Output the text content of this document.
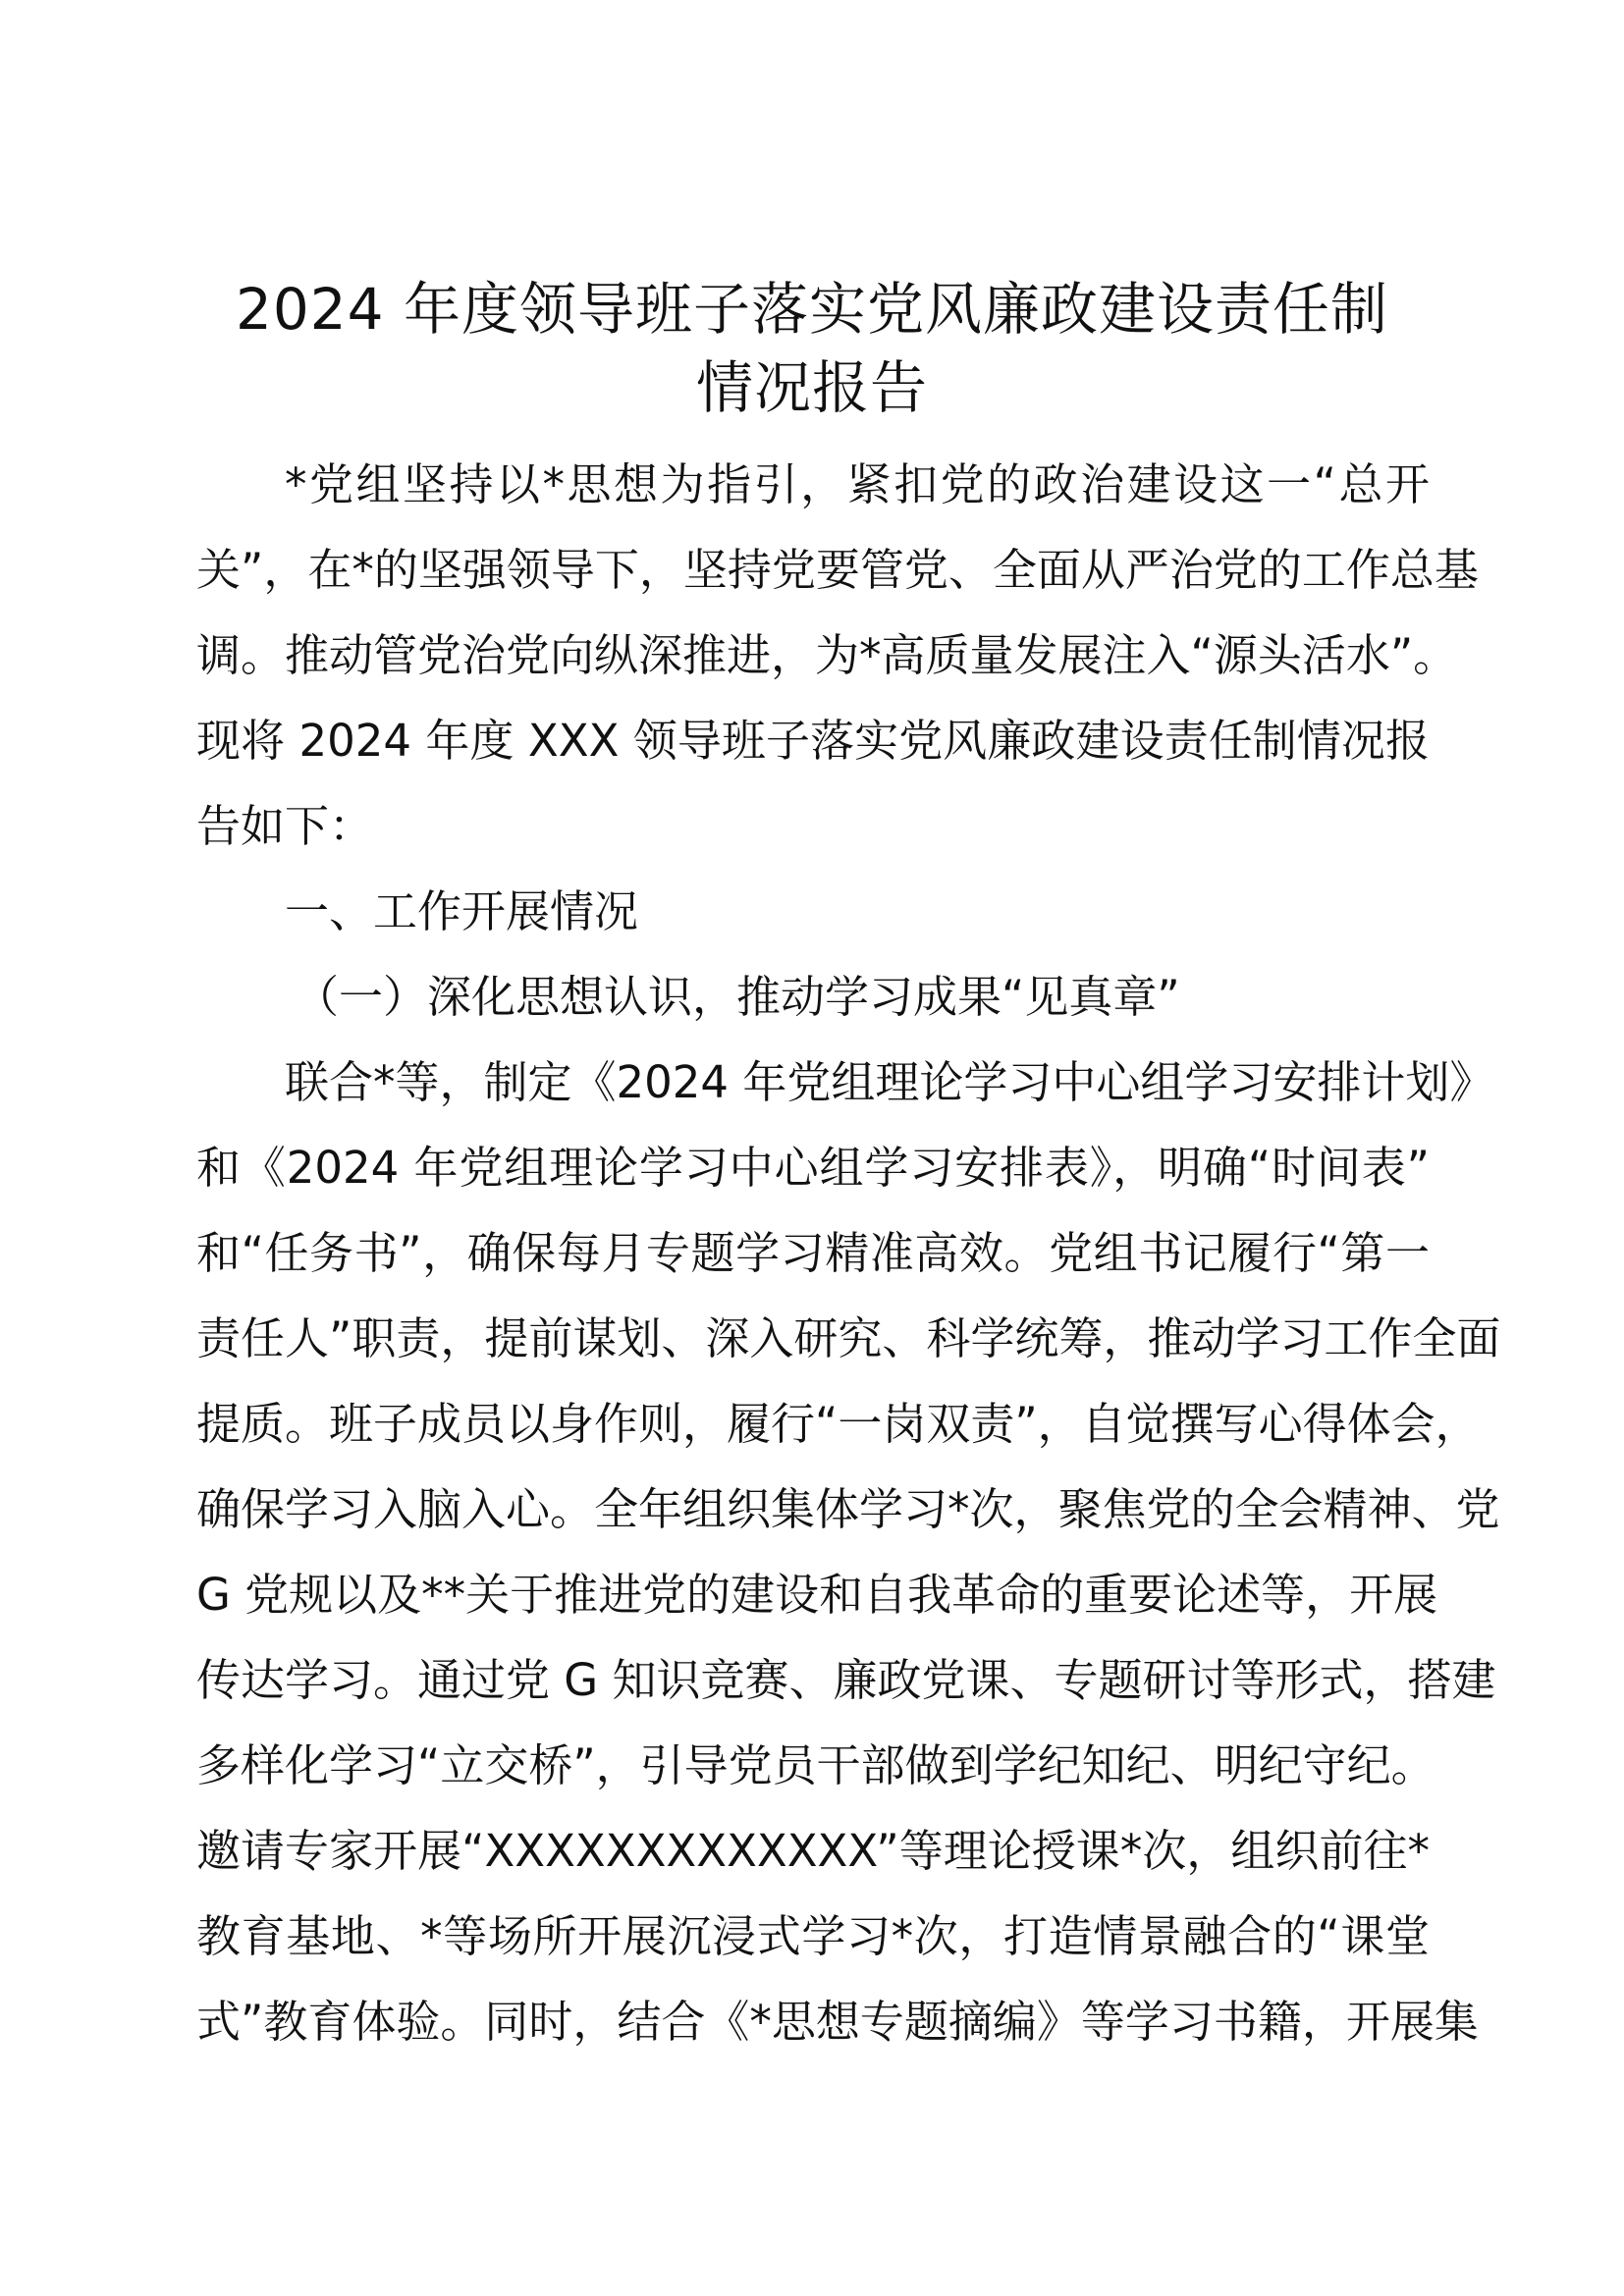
2024 年度领导班子落实党风廉政建设责任制
情况报告
*党组坚持以*思想为指引，紧扣党的政治建设这一“总开
关”，在*的坚强领导下，坚持党要管党、全面从严治党的工作总基
调。推动管党治党向纵深推进，为*高质量发展注入“源头活水”。
现将 2024 年度 XXX 领导班子落实党风廉政建设责任制情况报
告如下：
一、工作开展情况
（一）深化思想认识，推动学习成果“见真章”
联合*等，制定《2024 年党组理论学习中心组学习安排计划》
和《2024 年党组理论学习中心组学习安排表》，明确“时间表”
和“任务书”，确保每月专题学习精准高效。党组书记履行“第一
责任人”职责，提前谋划、深入研究、科学统筹，推动学习工作全面
提质。班子成员以身作则，履行“一岗双责”，自觉撰写心得体会，
确保学习入脑入心。全年组织集体学习*次，聚焦党的全会精神、党
G 党规以及**关于推进党的建设和自我革命的重要论述等，开展
传达学习。通过党 G 知识竞赛、廉政党课、专题研讨等形式，搭建
多样化学习“立交桥”，引导党员干部做到学纪知纪、明纪守纪。
邀请专家开展“XXXXXXXXXXXXX”等理论授课*次，组织前往*
教育基地、*等场所开展沉浸式学习*次，打造情景融合的“课堂
式”教育体验。同时，结合《*思想专题摘编》等学习书籍，开展集
